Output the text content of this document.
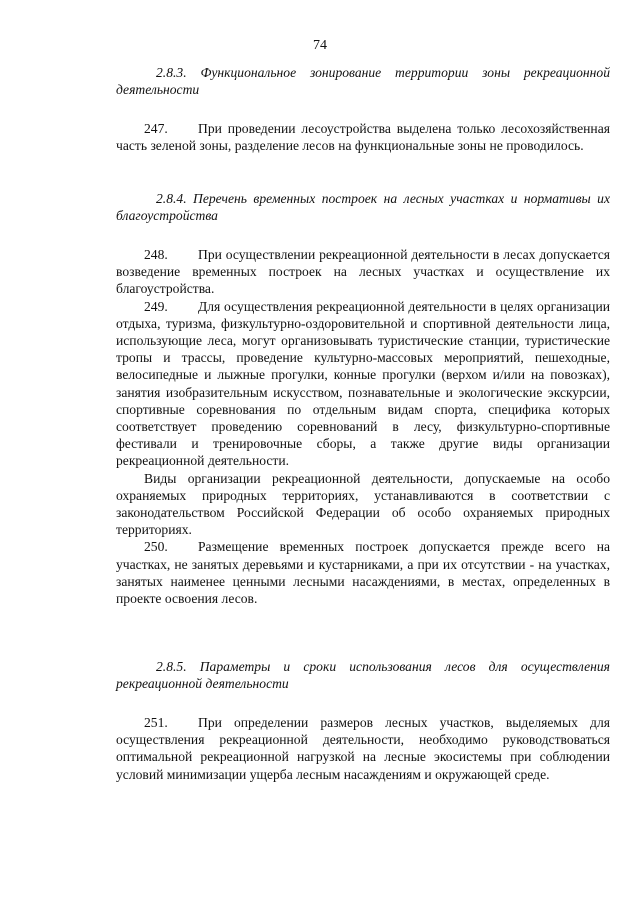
74
2.8.3. Функциональное зонирование территории зоны рекреационной деятельности

247. При проведении лесоустройства выделена только лесохозяйственная часть зеленой зоны, разделение лесов на функциональные зоны не проводилось.

2.8.4. Перечень временных построек на лесных участках и нормативы их благоустройства

248. При осуществлении рекреационной деятельности в лесах допускается возведение временных построек на лесных участках и осуществление их благоустройства.

249. Для осуществления рекреационной деятельности в целях организации отдыха, туризма, физкультурно-оздоровительной и спортивной деятельности лица, использующие леса, могут организовывать туристические станции, туристические тропы и трассы, проведение культурно-массовых мероприятий, пешеходные, велосипедные и лыжные прогулки, конные прогулки (верхом и/или на повозках), занятия изобразительным искусством, познавательные и экологические экскурсии, спортивные соревнования по отдельным видам спорта, специфика которых соответствует проведению соревнований в лесу, физкультурно-спортивные фестивали и тренировочные сборы, а также другие виды организации рекреационной деятельности.

Виды организации рекреационной деятельности, допускаемые на особо охраняемых природных территориях, устанавливаются в соответствии с законодательством Российской Федерации об особо охраняемых природных территориях.

250. Размещение временных построек допускается прежде всего на участках, не занятых деревьями и кустарниками, а при их отсутствии - на участках, занятых наименее ценными лесными насаждениями, в местах, определенных в проекте освоения лесов.

2.8.5. Параметры и сроки использования лесов для осуществления рекреационной деятельности

251. При определении размеров лесных участков, выделяемых для осуществления рекреационной деятельности, необходимо руководствоваться оптимальной рекреационной нагрузкой на лесные экосистемы при соблюдении условий минимизации ущерба лесным насаждениям и окружающей среде.
